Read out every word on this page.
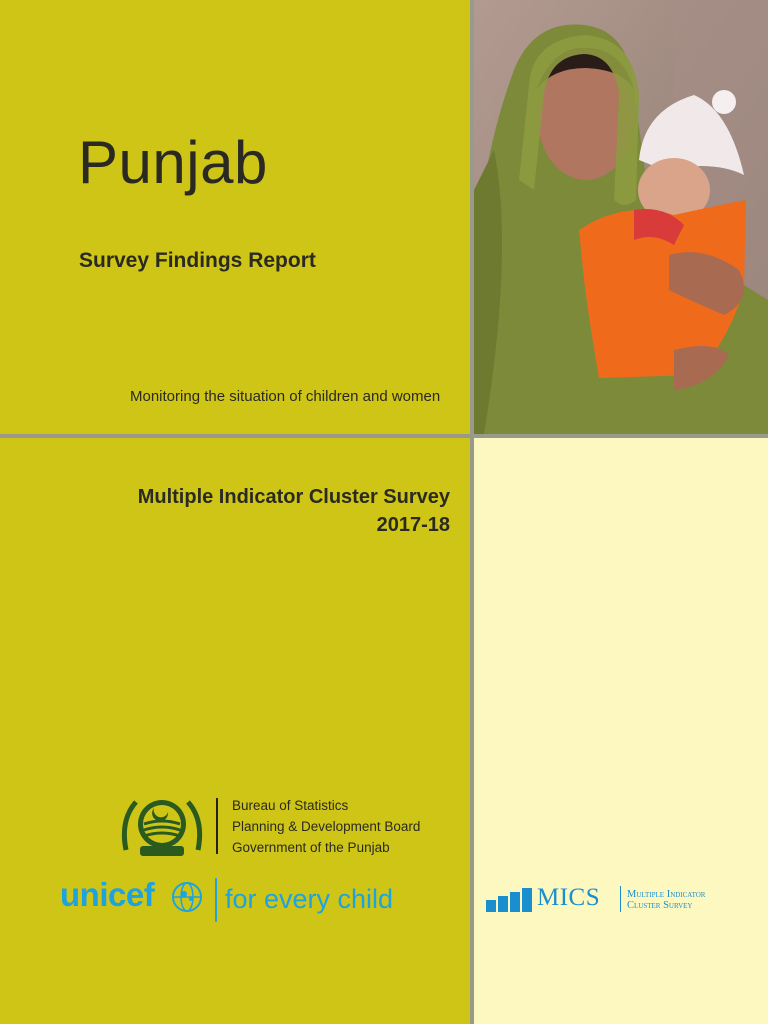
Punjab
Survey Findings Report
Monitoring the situation of children and women
Multiple Indicator Cluster Survey
2017-18
Bureau of Statistics
Planning & Development Board
Government of the Punjab
unicef	for every child	MICS	Multiple Indicator
Cluster Survey
